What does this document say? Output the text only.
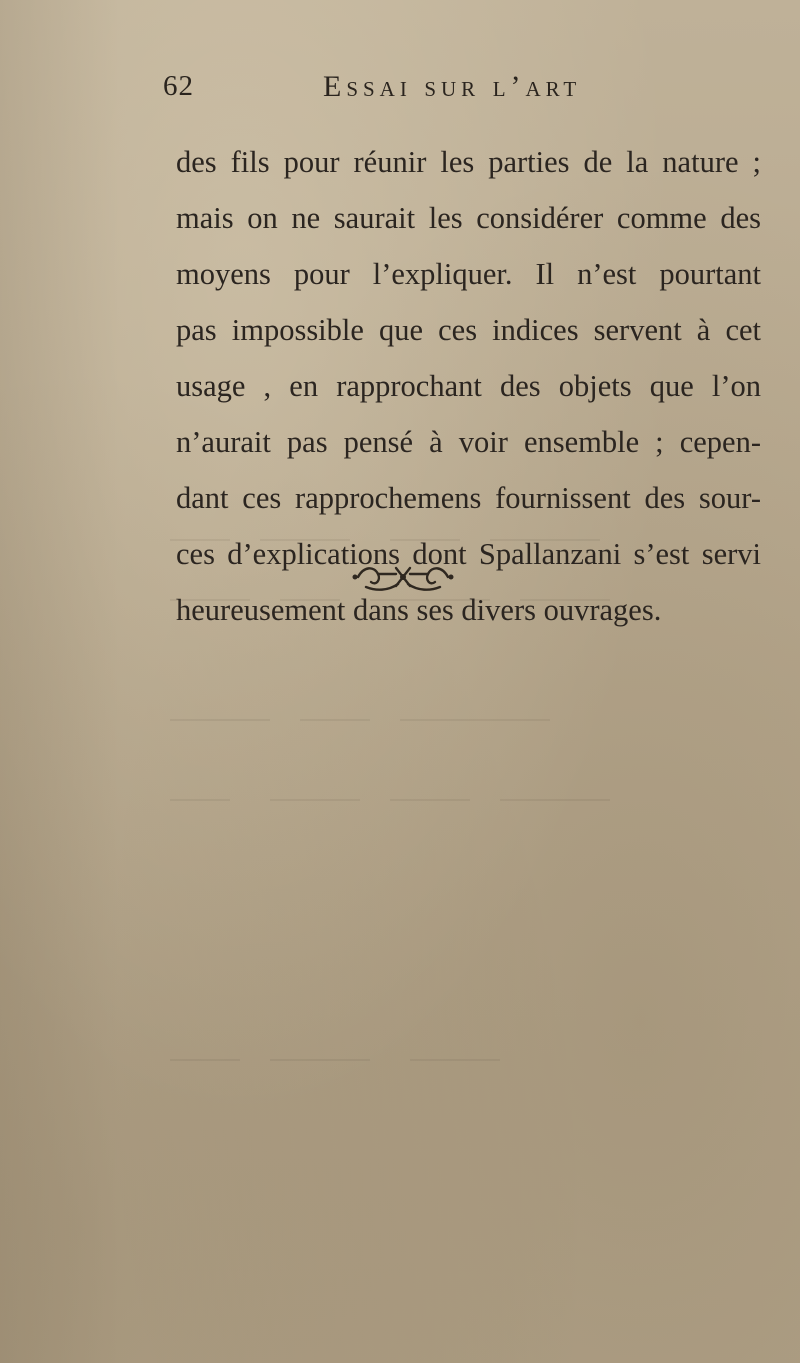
62	Essai sur l’art
des fils pour réunir les parties de la nature ;
mais on ne saurait les considérer comme des
moyens pour l’expliquer. Il n’est pourtant
pas impossible que ces indices servent à cet
usage , en rapprochant des objets que l’on
n’aurait pas pensé à voir ensemble ; cepen-
dant ces rapprochemens fournissent des sour-
ces d’explications dont Spallanzani s’est servi
heureusement dans ses divers ouvrages.
